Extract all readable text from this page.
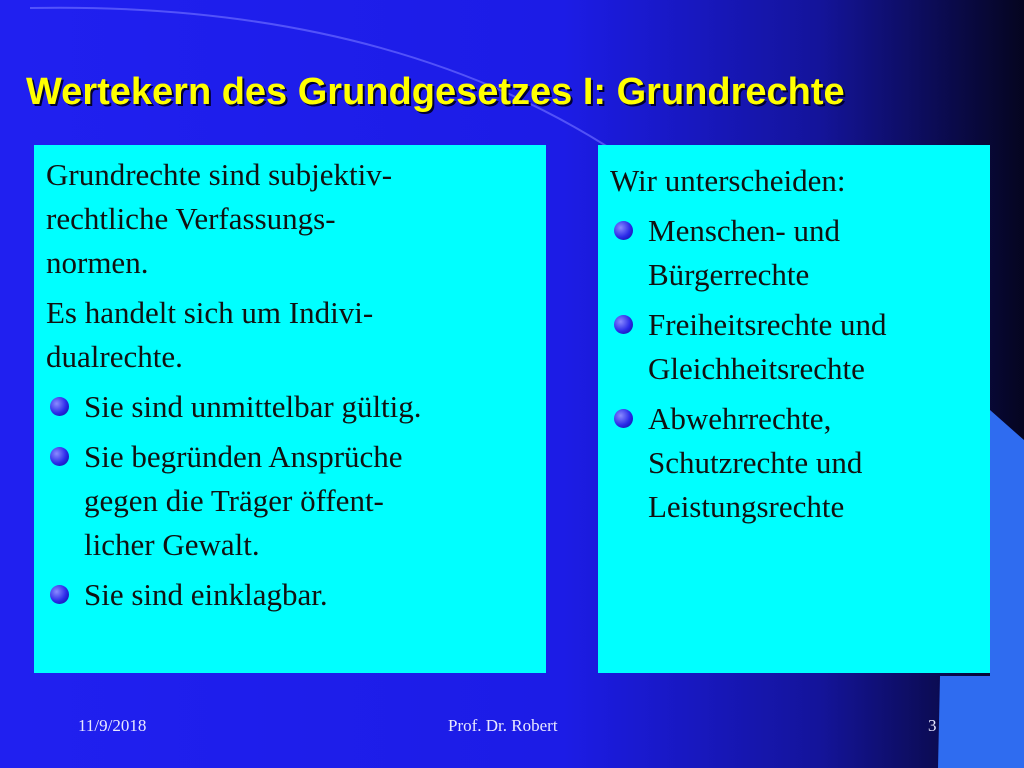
Wertekern des Grundgesetzes I: Grundrechte

Grundrechte sind subjektiv-
rechtliche Verfassungs-
normen.

Es handelt sich um Indivi-
dualrechte.

Sie sind unmittelbar gültig.
Sie begründen Ansprüche
gegen die Träger öffent-
licher Gewalt.
Sie sind einklagbar.

Wir unterscheiden:

Menschen- und
Bürgerrechte
Freiheitsrechte und
Gleichheitsrechte
Abwehrrechte,
Schutzrechte und
Leistungsrechte
11/9/2018	Prof. Dr. Robert	3
